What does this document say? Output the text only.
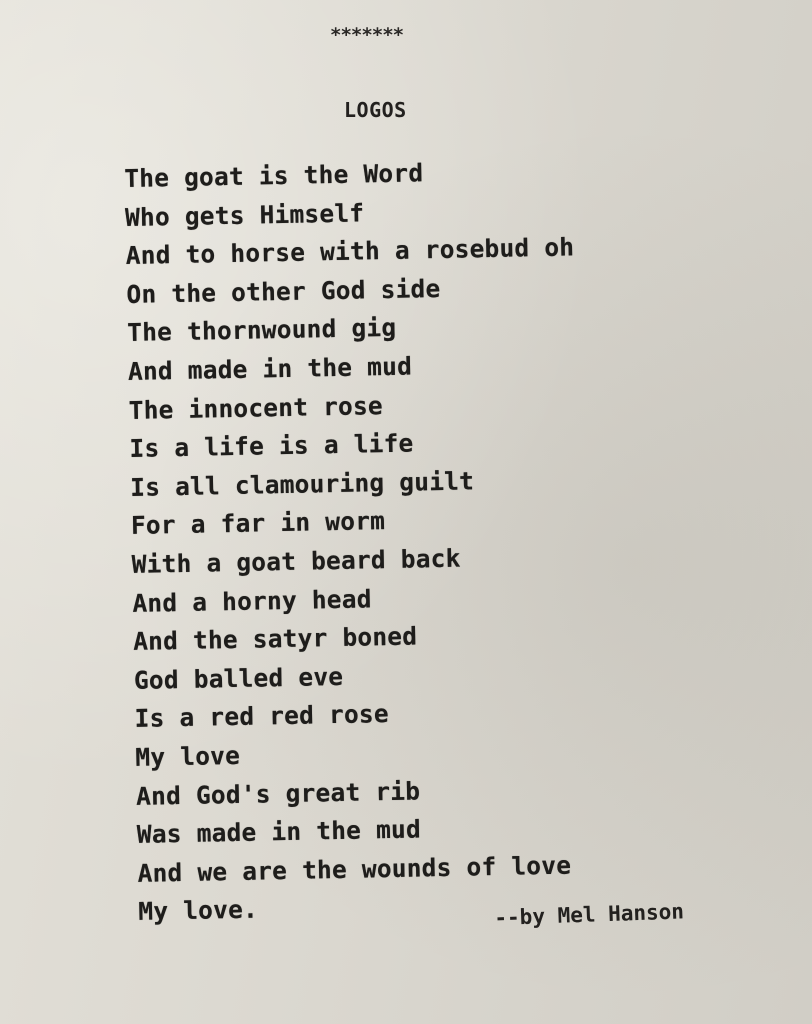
*******
LOGOS
The goat is the Word
Who gets Himself
And to horse with a rosebud oh
On the other God side
The thornwound gig
And made in the mud
The innocent rose
Is a life is a life
Is all clamouring guilt
For a far in worm
With a goat beard back
And a horny head
And the satyr boned
God balled eve
Is a red red rose
My love
And God's great rib
Was made in the mud
And we are the wounds of love
My love.	--by Mel Hanson
